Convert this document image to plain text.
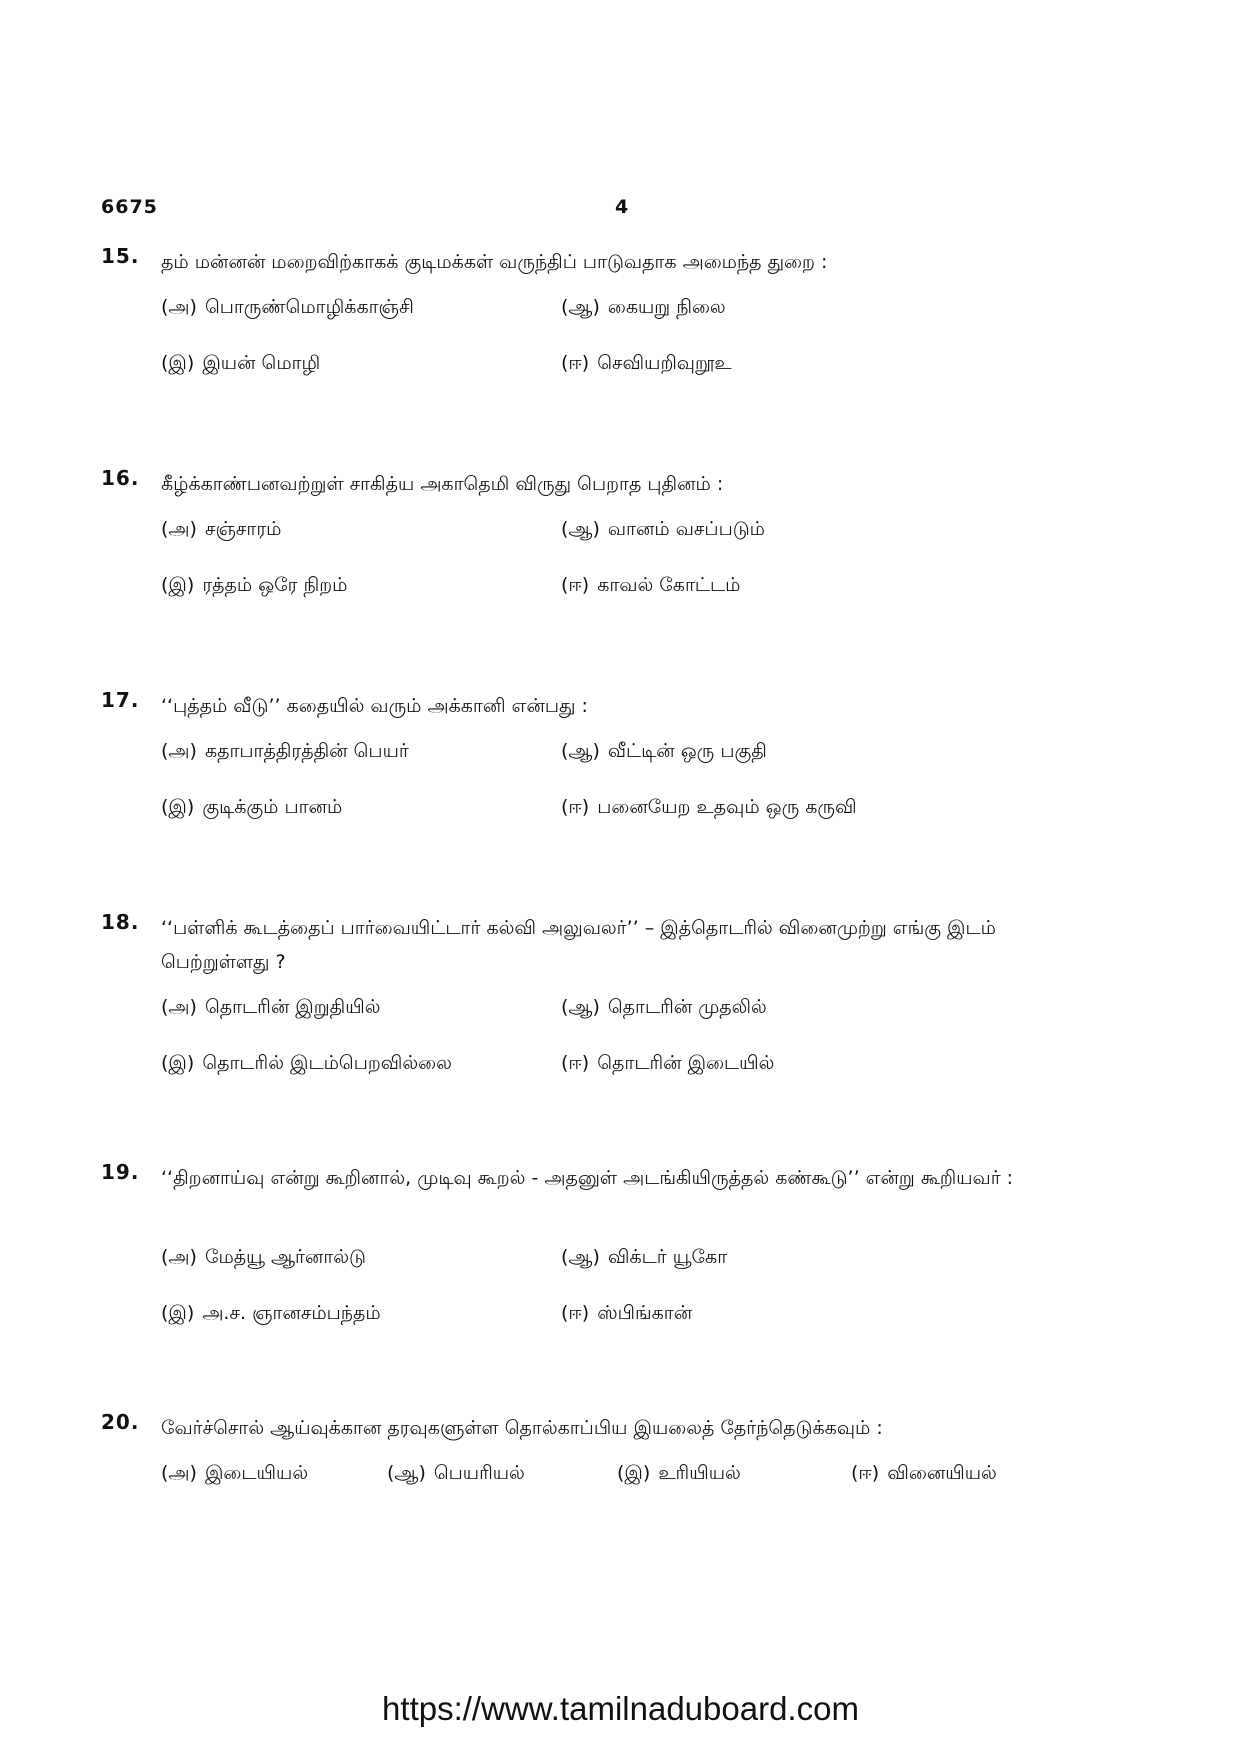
6675	4
15. தம் மன்னன் மறைவிற்காகக் குடிமக்கள் வருந்திப் பாடுவதாக அமைந்த துறை :
(அ) பொருண்மொழிக்காஞ்சி	(ஆ) கையறு நிலை
(இ) இயன் மொழி	(ஈ) செவியறிவுறூஉ
16. கீழ்க்காண்பனவற்றுள் சாகித்ய அகாதெமி விருது பெறாத புதினம் :
(அ) சஞ்சாரம்	(ஆ) வானம் வசப்படும்
(இ) ரத்தம் ஒரே நிறம்	(ஈ) காவல் கோட்டம்
17. ‘‘புத்தம் வீடு’’ கதையில் வரும் அக்கானி என்பது :
(அ) கதாபாத்திரத்தின் பெயர்	(ஆ) வீட்டின் ஒரு பகுதி
(இ) குடிக்கும் பானம்	(ஈ) பனையேற உதவும் ஒரு கருவி
18. ‘‘பள்ளிக் கூடத்தைப் பார்வையிட்டார் கல்வி அலுவலர்’’ – இத்தொடரில் வினைமுற்று எங்கு இடம் பெற்றுள்ளது ?
(அ) தொடரின் இறுதியில்	(ஆ) தொடரின் முதலில்
(இ) தொடரில் இடம்பெறவில்லை	(ஈ) தொடரின் இடையில்
19. ‘‘திறனாய்வு என்று கூறினால், முடிவு கூறல் - அதனுள் அடங்கியிருத்தல் கண்கூடு’’ என்று கூறியவர் :
(அ) மேத்யூ ஆர்னால்டு	(ஆ) விக்டர் யூகோ
(இ) அ.ச. ஞானசம்பந்தம்	(ஈ) ஸ்பிங்கான்
20. வேர்ச்சொல் ஆய்வுக்கான தரவுகளுள்ள தொல்காப்பிய இயலைத் தேர்ந்தெடுக்கவும் :
(அ) இடையியல்	(ஆ) பெயரியல்	(இ) உரியியல்	(ஈ) வினையியல்
https://www.tamilnaduboard.com
